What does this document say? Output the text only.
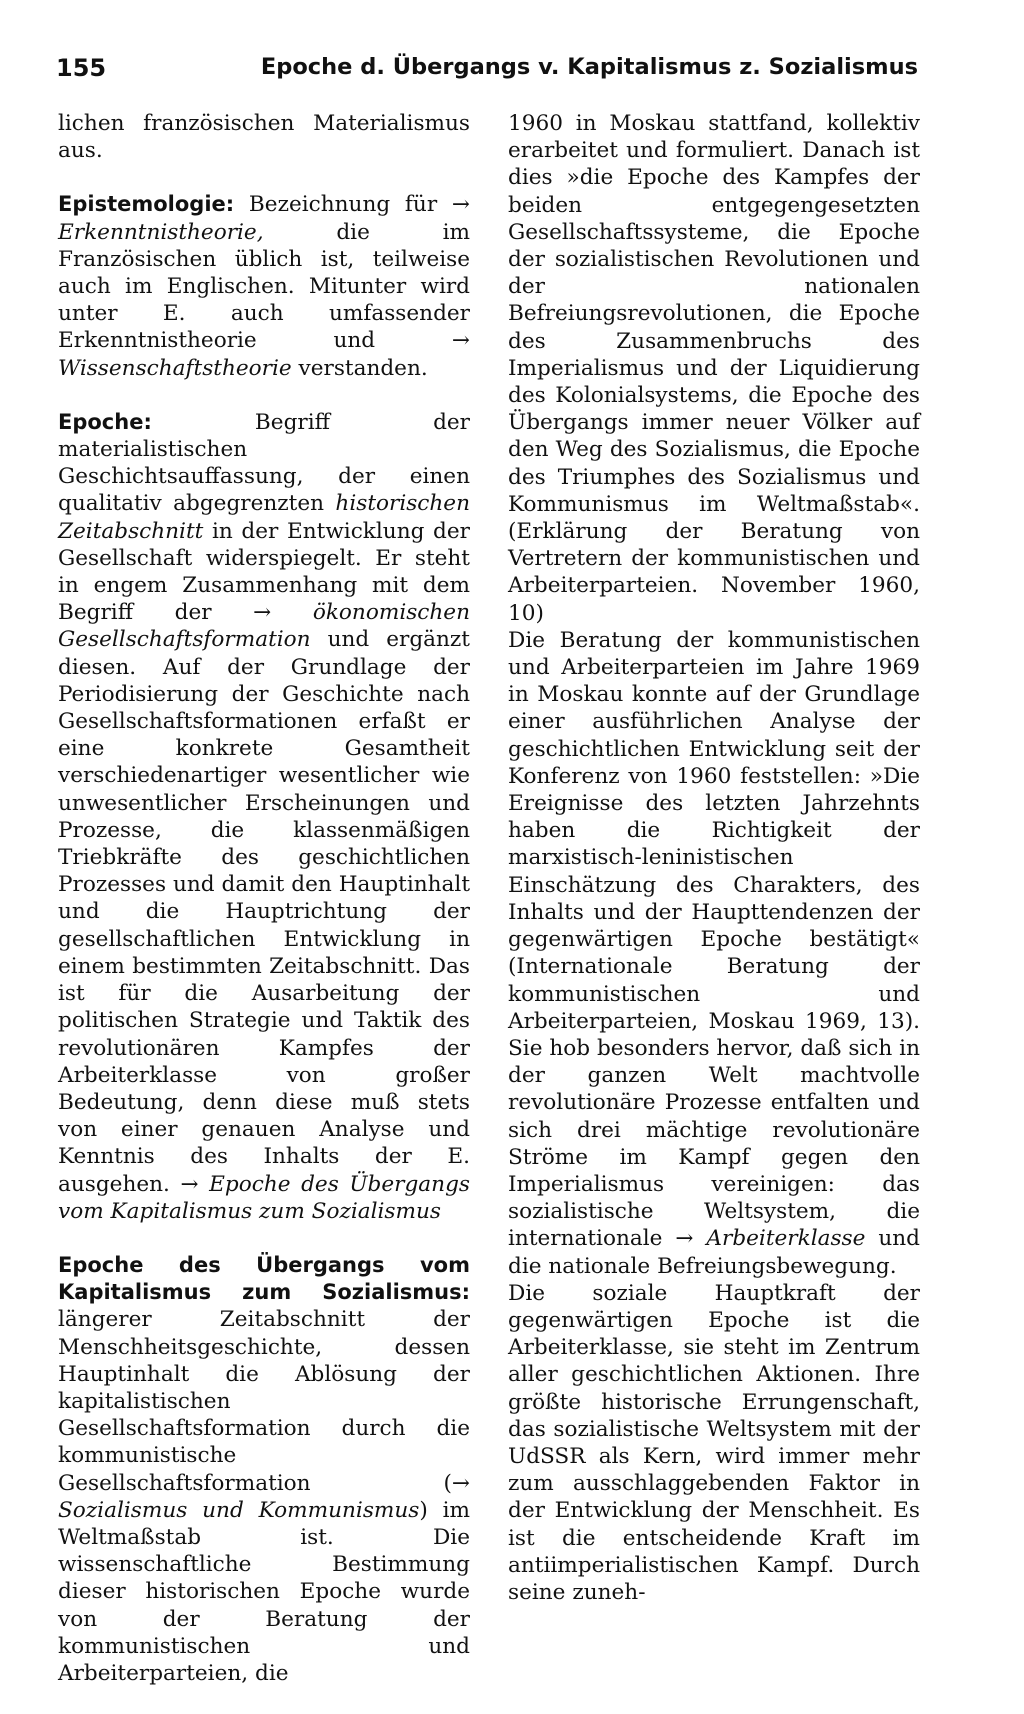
155	Epoche d. Übergangs v. Kapitalismus z. Sozialismus

lichen französischen Materialismus aus.

Epistemologie: Bezeichnung für → Erkenntnistheorie, die im Französischen üblich ist, teilweise auch im Englischen. Mitunter wird unter E. auch umfassender Erkenntnistheorie und → Wissenschaftstheorie verstanden.

Epoche: Begriff der materialistischen Geschichtsauffassung, der einen qualitativ abgegrenzten historischen Zeitabschnitt in der Entwicklung der Gesellschaft widerspiegelt. Er steht in engem Zusammenhang mit dem Begriff der → ökonomischen Gesellschaftsformation und ergänzt diesen. Auf der Grundlage der Periodisierung der Geschichte nach Gesellschaftsformationen erfaßt er eine konkrete Gesamtheit verschiedenartiger wesentlicher wie unwesentlicher Erscheinungen und Prozesse, die klassenmäßigen Triebkräfte des geschichtlichen Prozesses und damit den Hauptinhalt und die Hauptrichtung der gesellschaftlichen Entwicklung in einem bestimmten Zeitabschnitt. Das ist für die Ausarbeitung der politischen Strategie und Taktik des revolutionären Kampfes der Arbeiterklasse von großer Bedeutung, denn diese muß stets von einer genauen Analyse und Kenntnis des Inhalts der E. ausgehen. → Epoche des Übergangs vom Kapitalismus zum Sozialismus

Epoche des Übergangs vom Kapitalismus zum Sozialismus: längerer Zeitabschnitt der Menschheitsgeschichte, dessen Hauptinhalt die Ablösung der kapitalistischen Gesellschaftsformation durch die kommunistische Gesellschaftsformation (→ Sozialismus und Kommunismus) im Weltmaßstab ist. Die wissenschaftliche Bestimmung dieser historischen Epoche wurde von der Beratung der kommunistischen und Arbeiterparteien, die

1960 in Moskau stattfand, kollektiv erarbeitet und formuliert. Danach ist dies »die Epoche des Kampfes der beiden entgegengesetzten Gesellschaftssysteme, die Epoche der sozialistischen Revolutionen und der nationalen Befreiungsrevolutionen, die Epoche des Zusammenbruchs des Imperialismus und der Liquidierung des Kolonialsystems, die Epoche des Übergangs immer neuer Völker auf den Weg des Sozialismus, die Epoche des Triumphes des Sozialismus und Kommunismus im Weltmaßstab«. (Erklärung der Beratung von Vertretern der kommunistischen und Arbeiterparteien. November 1960, 10)

Die Beratung der kommunistischen und Arbeiterparteien im Jahre 1969 in Moskau konnte auf der Grundlage einer ausführlichen Analyse der geschichtlichen Entwicklung seit der Konferenz von 1960 feststellen: »Die Ereignisse des letzten Jahrzehnts haben die Richtigkeit der marxistisch-leninistischen Einschätzung des Charakters, des Inhalts und der Haupttendenzen der gegenwärtigen Epoche bestätigt« (Internationale Beratung der kommunistischen und Arbeiterparteien, Moskau 1969, 13). Sie hob besonders hervor, daß sich in der ganzen Welt machtvolle revolutionäre Prozesse entfalten und sich drei mächtige revolutionäre Ströme im Kampf gegen den Imperialismus vereinigen: das sozialistische Weltsystem, die internationale → Arbeiterklasse und die nationale Befreiungsbewegung.

Die soziale Hauptkraft der gegenwärtigen Epoche ist die Arbeiterklasse, sie steht im Zentrum aller geschichtlichen Aktionen. Ihre größte historische Errungenschaft, das sozialistische Weltsystem mit der UdSSR als Kern, wird immer mehr zum ausschlaggebenden Faktor in der Entwicklung der Menschheit. Es ist die entscheidende Kraft im antiimperialistischen Kampf. Durch seine zuneh-
